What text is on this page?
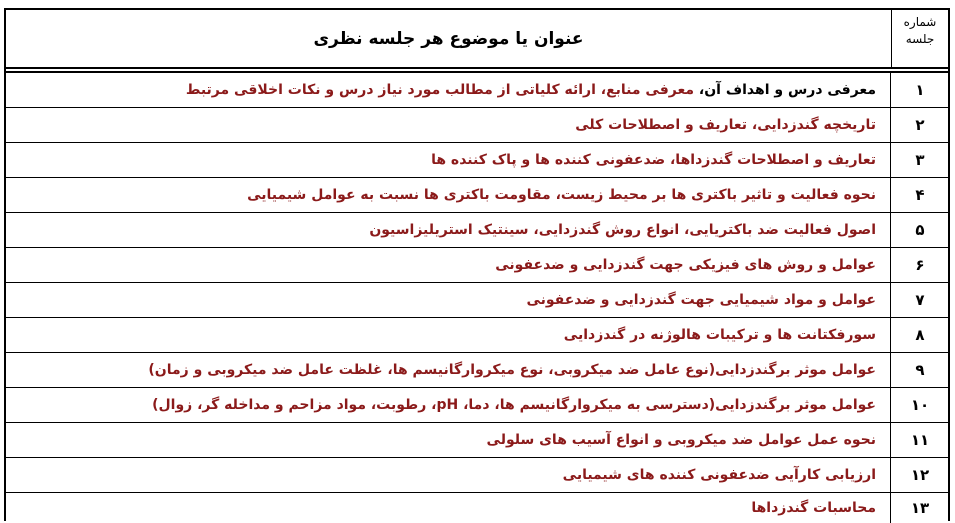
عنوان یا موضوع هر جلسه نظری
شماره
جلسه
معرفی درس و اهداف آن، معرفی منابع، ارائه کلیاتی از مطالب مورد نیاز درس و نکات اخلاقی مرتبط	۱
تاریخچه گندزدایی، تعاریف و اصطلاحات کلی	۲
تعاریف و اصطلاحات گندزداها، ضدعفونی کننده ها و پاک کننده ها	۳
نحوه فعالیت و تاثیر باکتری ها بر محیط زیست، مقاومت باکتری ها نسبت به عوامل شیمیایی	۴
اصول فعالیت ضد باکتریایی، انواع روش گندزدایی، سینتیک استریلیزاسیون	۵
عوامل و روش های فیزیکی جهت گندزدایی و ضدعفونی	۶
عوامل و مواد شیمیایی جهت گندزدایی و ضدعفونی	۷
سورفکتانت ها و ترکیبات هالوژنه در گندزدایی	۸
عوامل موثر برگندزدایی(نوع عامل ضد میکروبی، نوع میکروارگانیسم ها، غلظت عامل ضد میکروبی و زمان)	۹
عوامل موثر برگندزدایی(دسترسی به میکروارگانیسم ها، دما، pH، رطوبت، مواد مزاحم و مداخله گر، زوال)	۱۰
نحوه عمل عوامل ضد میکروبی و انواع آسیب های سلولی	۱۱
ارزیابی کارآیی ضدعفونی کننده های شیمیایی	۱۲
محاسبات گندزداها	۱۳
